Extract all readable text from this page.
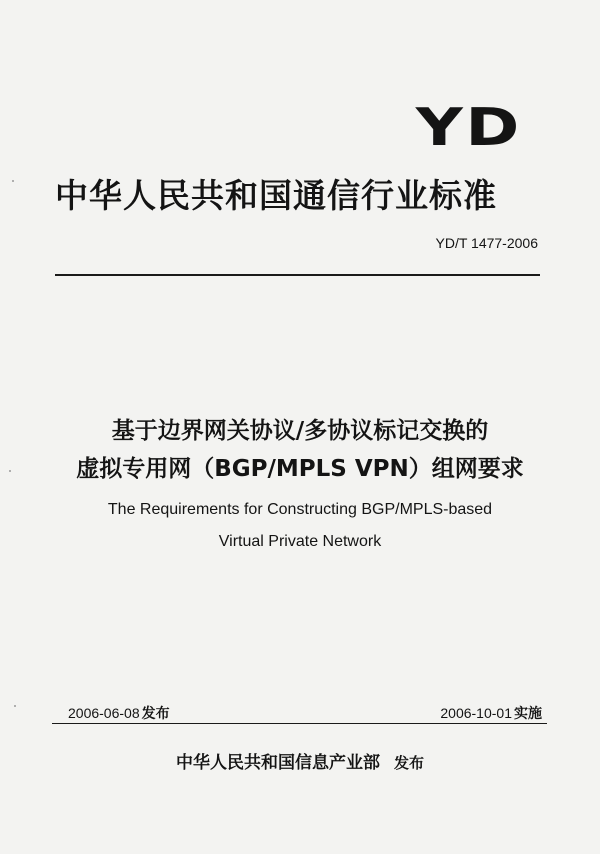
YD
中华人民共和国通信行业标准
YD/T 1477-2006
基于边界网关协议/多协议标记交换的
虚拟专用网（BGP/MPLS VPN）组网要求
The Requirements for Constructing BGP/MPLS-based
Virtual Private Network
2006-06-08 发布	2006-10-01 实施
中华人民共和国信息产业部 发布
